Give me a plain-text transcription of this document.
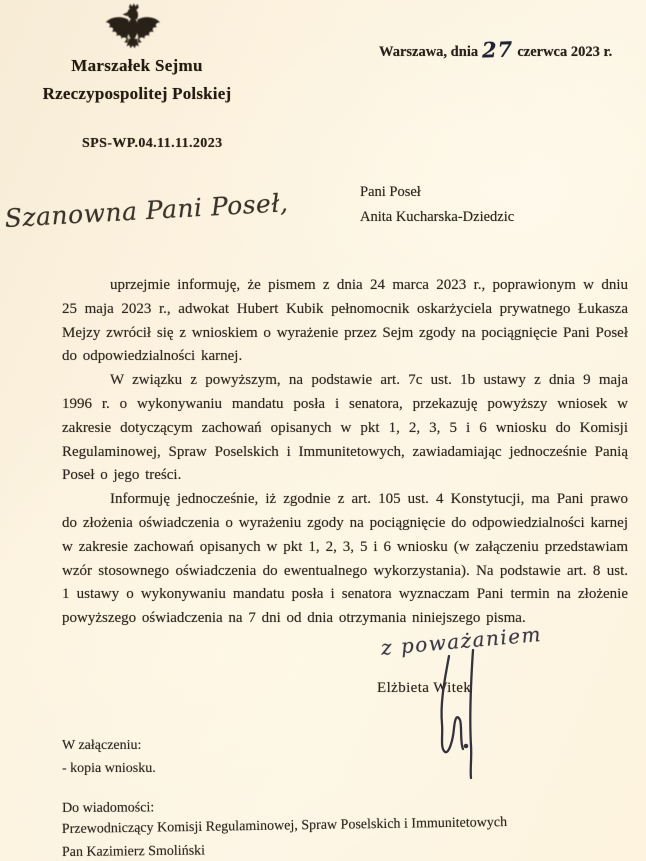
Marszałek Sejmu
Rzeczypospolitej Polskiej
SPS-WP.04.11.11.2023
Warszawa, dnia 27 czerwca 2023 r.
Pani Poseł
Anita Kucharska-Dziedzic
Szanowna Pani Poseł,

uprzejmie informuję, że pismem z dnia 24 marca 2023 r., poprawionym w dniu 25 maja 2023 r., adwokat Hubert Kubik pełnomocnik oskarżyciela prywatnego Łukasza Mejzy zwrócił się z wnioskiem o wyrażenie przez Sejm zgody na pociągnięcie Pani Poseł do odpowiedzialności karnej.

W związku z powyższym, na podstawie art. 7c ust. 1b ustawy z dnia 9 maja 1996 r. o wykonywaniu mandatu posła i senatora, przekazuję powyższy wniosek w zakresie dotyczącym zachowań opisanych w pkt 1, 2, 3, 5 i 6 wniosku do Komisji Regulaminowej, Spraw Poselskich i Immunitetowych, zawiadamiając jednocześnie Panią Poseł o jego treści.

Informuję jednocześnie, iż zgodnie z art. 105 ust. 4 Konstytucji, ma Pani prawo do złożenia oświadczenia o wyrażeniu zgody na pociągnięcie do odpowiedzialności karnej w zakresie zachowań opisanych w pkt 1, 2, 3, 5 i 6 wniosku (w załączeniu przedstawiam wzór stosownego oświadczenia do ewentualnego wykorzystania). Na podstawie art. 8 ust. 1 ustawy o wykonywaniu mandatu posła i senatora wyznaczam Pani termin na złożenie powyższego oświadczenia na 7 dni od dnia otrzymania niniejszego pisma.

z poważaniem
Elżbieta Witek
W załączeniu:
- kopia wniosku.
Do wiadomości:
Przewodniczący Komisji Regulaminowej, Spraw Poselskich i Immunitetowych
Pan Kazimierz Smoliński
